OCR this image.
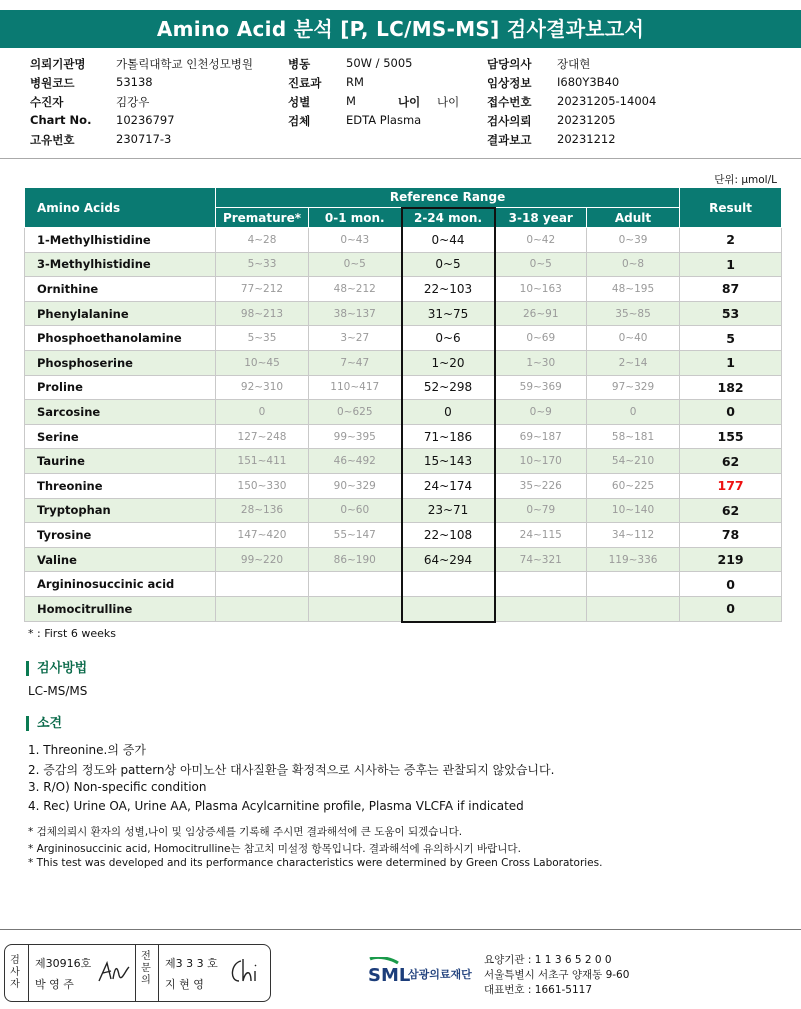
Amino Acid 분석 [P, LC/MS-MS] 검사결과보고서
의뢰기관명	가톨릭대학교 인천성모병원	병동	50W / 5005	담당의사 장대현
병원코드	53138	진료과 RM	임상정보 I680Y3B40
수진자	김강우	성별	M	나이 나이 접수번호 20231205-14004
Chart No. 10236797	검체	EDTA Plasma	검사의뢰 20231205
고유번호	230717-3	결과보고 20231212
단위: µmol/L
Amino Acids	Reference Range					Result
	Premature*	0-1 mon.	2-24 mon.	3-18 year	Adult	
1-Methylhistidine	4~28	0~43	0~44	0~42	0~39	2
3-Methylhistidine	5~33	0~5	0~5	0~5	0~8	1
Ornithine	77~212	48~212	22~103	10~163	48~195	87
Phenylalanine	98~213	38~137	31~75	26~91	35~85	53
Phosphoethanolamine	5~35	3~27	0~6	0~69	0~40	5
Phosphoserine	10~45	7~47	1~20	1~30	2~14	1
Proline	92~310	110~417	52~298	59~369	97~329	182
Sarcosine	0	0~625	0	0~9	0	0
Serine	127~248	99~395	71~186	69~187	58~181	155
Taurine	151~411	46~492	15~143	10~170	54~210	62
Threonine	150~330	90~329	24~174	35~226	60~225	177
Tryptophan	28~136	0~60	23~71	0~79	10~140	62
Tyrosine	147~420	55~147	22~108	24~115	34~112	78
Valine	99~220	86~190	64~294	74~321	119~336	219
Argininosuccinic acid						0
Homocitrulline						0
* : First 6 weeks
검사방법
LC-MS/MS
소견
1. Threonine.의 증가
2. 증감의 정도와 pattern상 아미노산 대사질환을 확정적으로 시사하는 증후는 관찰되지 않았습니다.
3. R/O) Non-specific condition
4. Rec) Urine OA, Urine AA, Plasma Acylcarnitine profile, Plasma VLCFA if indicated
* 검체의뢰시 환자의 성별,나이 및 임상증세를 기록해 주시면 결과해석에 큰 도움이 되겠습니다.
* Argininosuccinic acid, Homocitrulline는 참고치 미설정 항목입니다. 결과해석에 유의하시기 바랍니다.
* This test was developed and its performance characteristics were determined by Green Cross Laboratories.
검사자
제30916호
박 영 주
전문의
제3 3 3 호
지 현 영	SML
삼광의료재단
요양기관 : 1 1 3 6 5 2 0 0
서울특별시 서초구 양재동 9-60
대표번호 : 1661-5117
